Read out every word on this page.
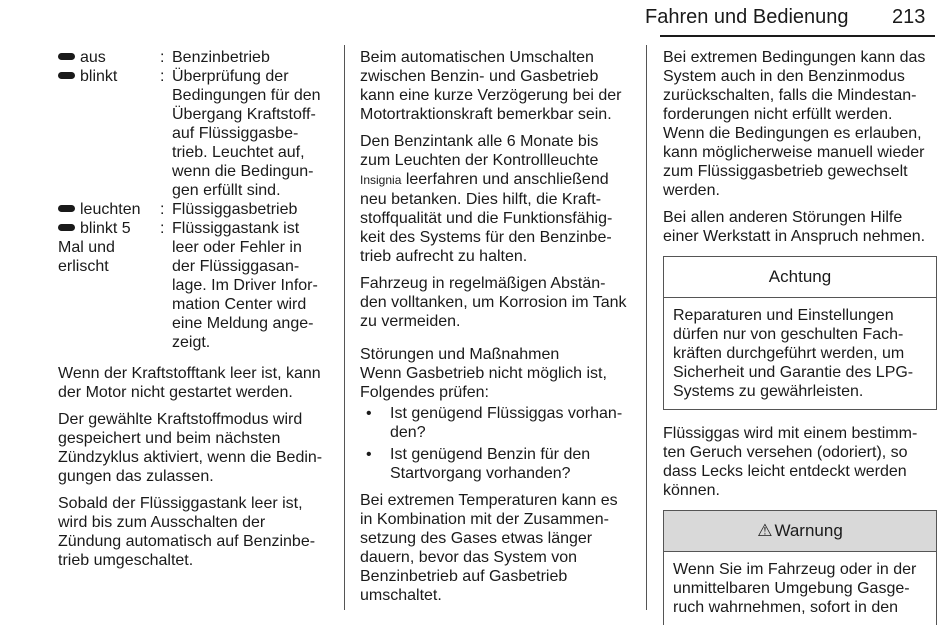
Fahren und Bedienung 213
aus	: Benzinbetrieb
blinkt	: Überprüfung der
Bedingungen für den
Übergang Kraftstoff-
auf Flüssiggasbe-
trieb. Leuchtet auf,
wenn die Bedingun-
gen erfüllt sind.
leuchten : Flüssiggasbetrieb
blinkt 5
Mal und
erlischt
: Flüssiggastank ist
leer oder Fehler in
der Flüssiggasan-
lage. Im Driver Infor-
mation Center wird
eine Meldung ange-
zeigt.

Wenn der Kraftstofftank leer ist, kann
der Motor nicht gestartet werden.

Der gewählte Kraftstoffmodus wird
gespeichert und beim nächsten
Zündzyklus aktiviert, wenn die Bedin-
gungen das zulassen.

Sobald der Flüssiggastank leer ist,
wird bis zum Ausschalten der
Zündung automatisch auf Benzinbe-
trieb umgeschaltet.

Beim automatischen Umschalten
zwischen Benzin- und Gasbetrieb
kann eine kurze Verzögerung bei der
Motortraktionskraft bemerkbar sein.

Den Benzintank alle 6 Monate bis
zum Leuchten der Kontrollleuchte
Insignia leerfahren und anschließend
neu betanken. Dies hilft, die Kraft-
stoffqualität und die Funktionsfähig-
keit des Systems für den Benzinbe-
trieb aufrecht zu halten.

Fahrzeug in regelmäßigen Abstän-
den volltanken, um Korrosion im Tank
zu vermeiden.

Störungen und Maßnahmen

Wenn Gasbetrieb nicht möglich ist,
Folgendes prüfen:

• Ist genügend Flüssiggas vorhan-
den?
• Ist genügend Benzin für den
Startvorgang vorhanden?

Bei extremen Temperaturen kann es
in Kombination mit der Zusammen-
setzung des Gases etwas länger
dauern, bevor das System von
Benzinbetrieb auf Gasbetrieb
umschaltet.

Bei extremen Bedingungen kann das
System auch in den Benzinmodus
zurückschalten, falls die Mindestan-
forderungen nicht erfüllt werden.
Wenn die Bedingungen es erlauben,
kann möglicherweise manuell wieder
zum Flüssiggasbetrieb gewechselt
werden.

Bei allen anderen Störungen Hilfe
einer Werkstatt in Anspruch nehmen.

Achtung
Reparaturen und Einstellungen
dürfen nur von geschulten Fach-
kräften durchgeführt werden, um
Sicherheit und Garantie des LPG-
Systems zu gewährleisten.

Flüssiggas wird mit einem bestimm-
ten Geruch versehen (odoriert), so
dass Lecks leicht entdeckt werden
können.

⚠ Warnung
Wenn Sie im Fahrzeug oder in der
unmittelbaren Umgebung Gasge-
ruch wahrnehmen, sofort in den
